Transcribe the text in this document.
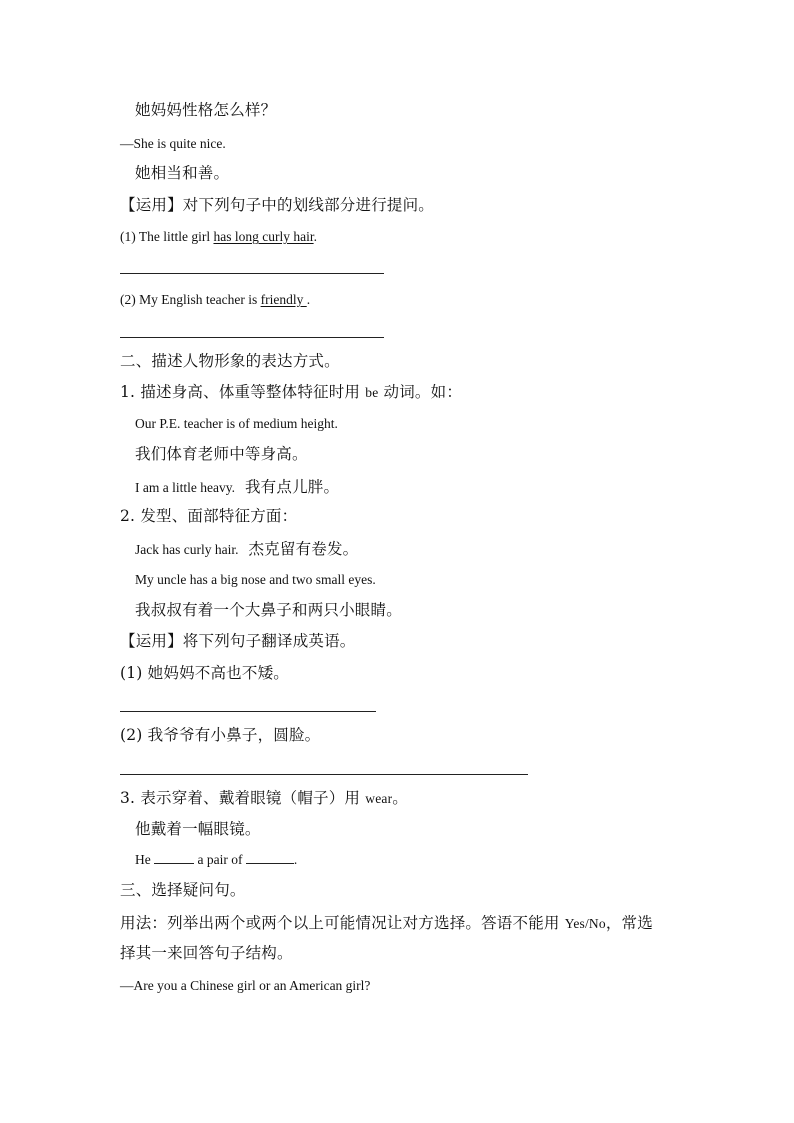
她妈妈性格怎么样？
—She is quite nice.
她相当和善。
【运用】对下列句子中的划线部分进行提问。
(1) The little girl has long curly hair.
(2) My English teacher is friendly .
二、描述人物形象的表达方式。
1. 描述身高、体重等整体特征时用 be 动词。如：
Our P.E. teacher is of medium height.
我们体育老师中等身高。
I am a little heavy. 我有点儿胖。
2. 发型、面部特征方面：
Jack has curly hair. 杰克留有卷发。
My uncle has a big nose and two small eyes.
我叔叔有着一个大鼻子和两只小眼睛。
【运用】将下列句子翻译成英语。
(1) 她妈妈不高也不矮。
(2) 我爷爷有小鼻子，圆脸。
3. 表示穿着、戴着眼镜（帽子）用 wear。
他戴着一幅眼镜。
He	a pair of	.
三、选择疑问句。
用法：列举出两个或两个以上可能情况让对方选择。答语不能用 Yes/No，常选
择其一来回答句子结构。
—Are you a Chinese girl or an American girl?
